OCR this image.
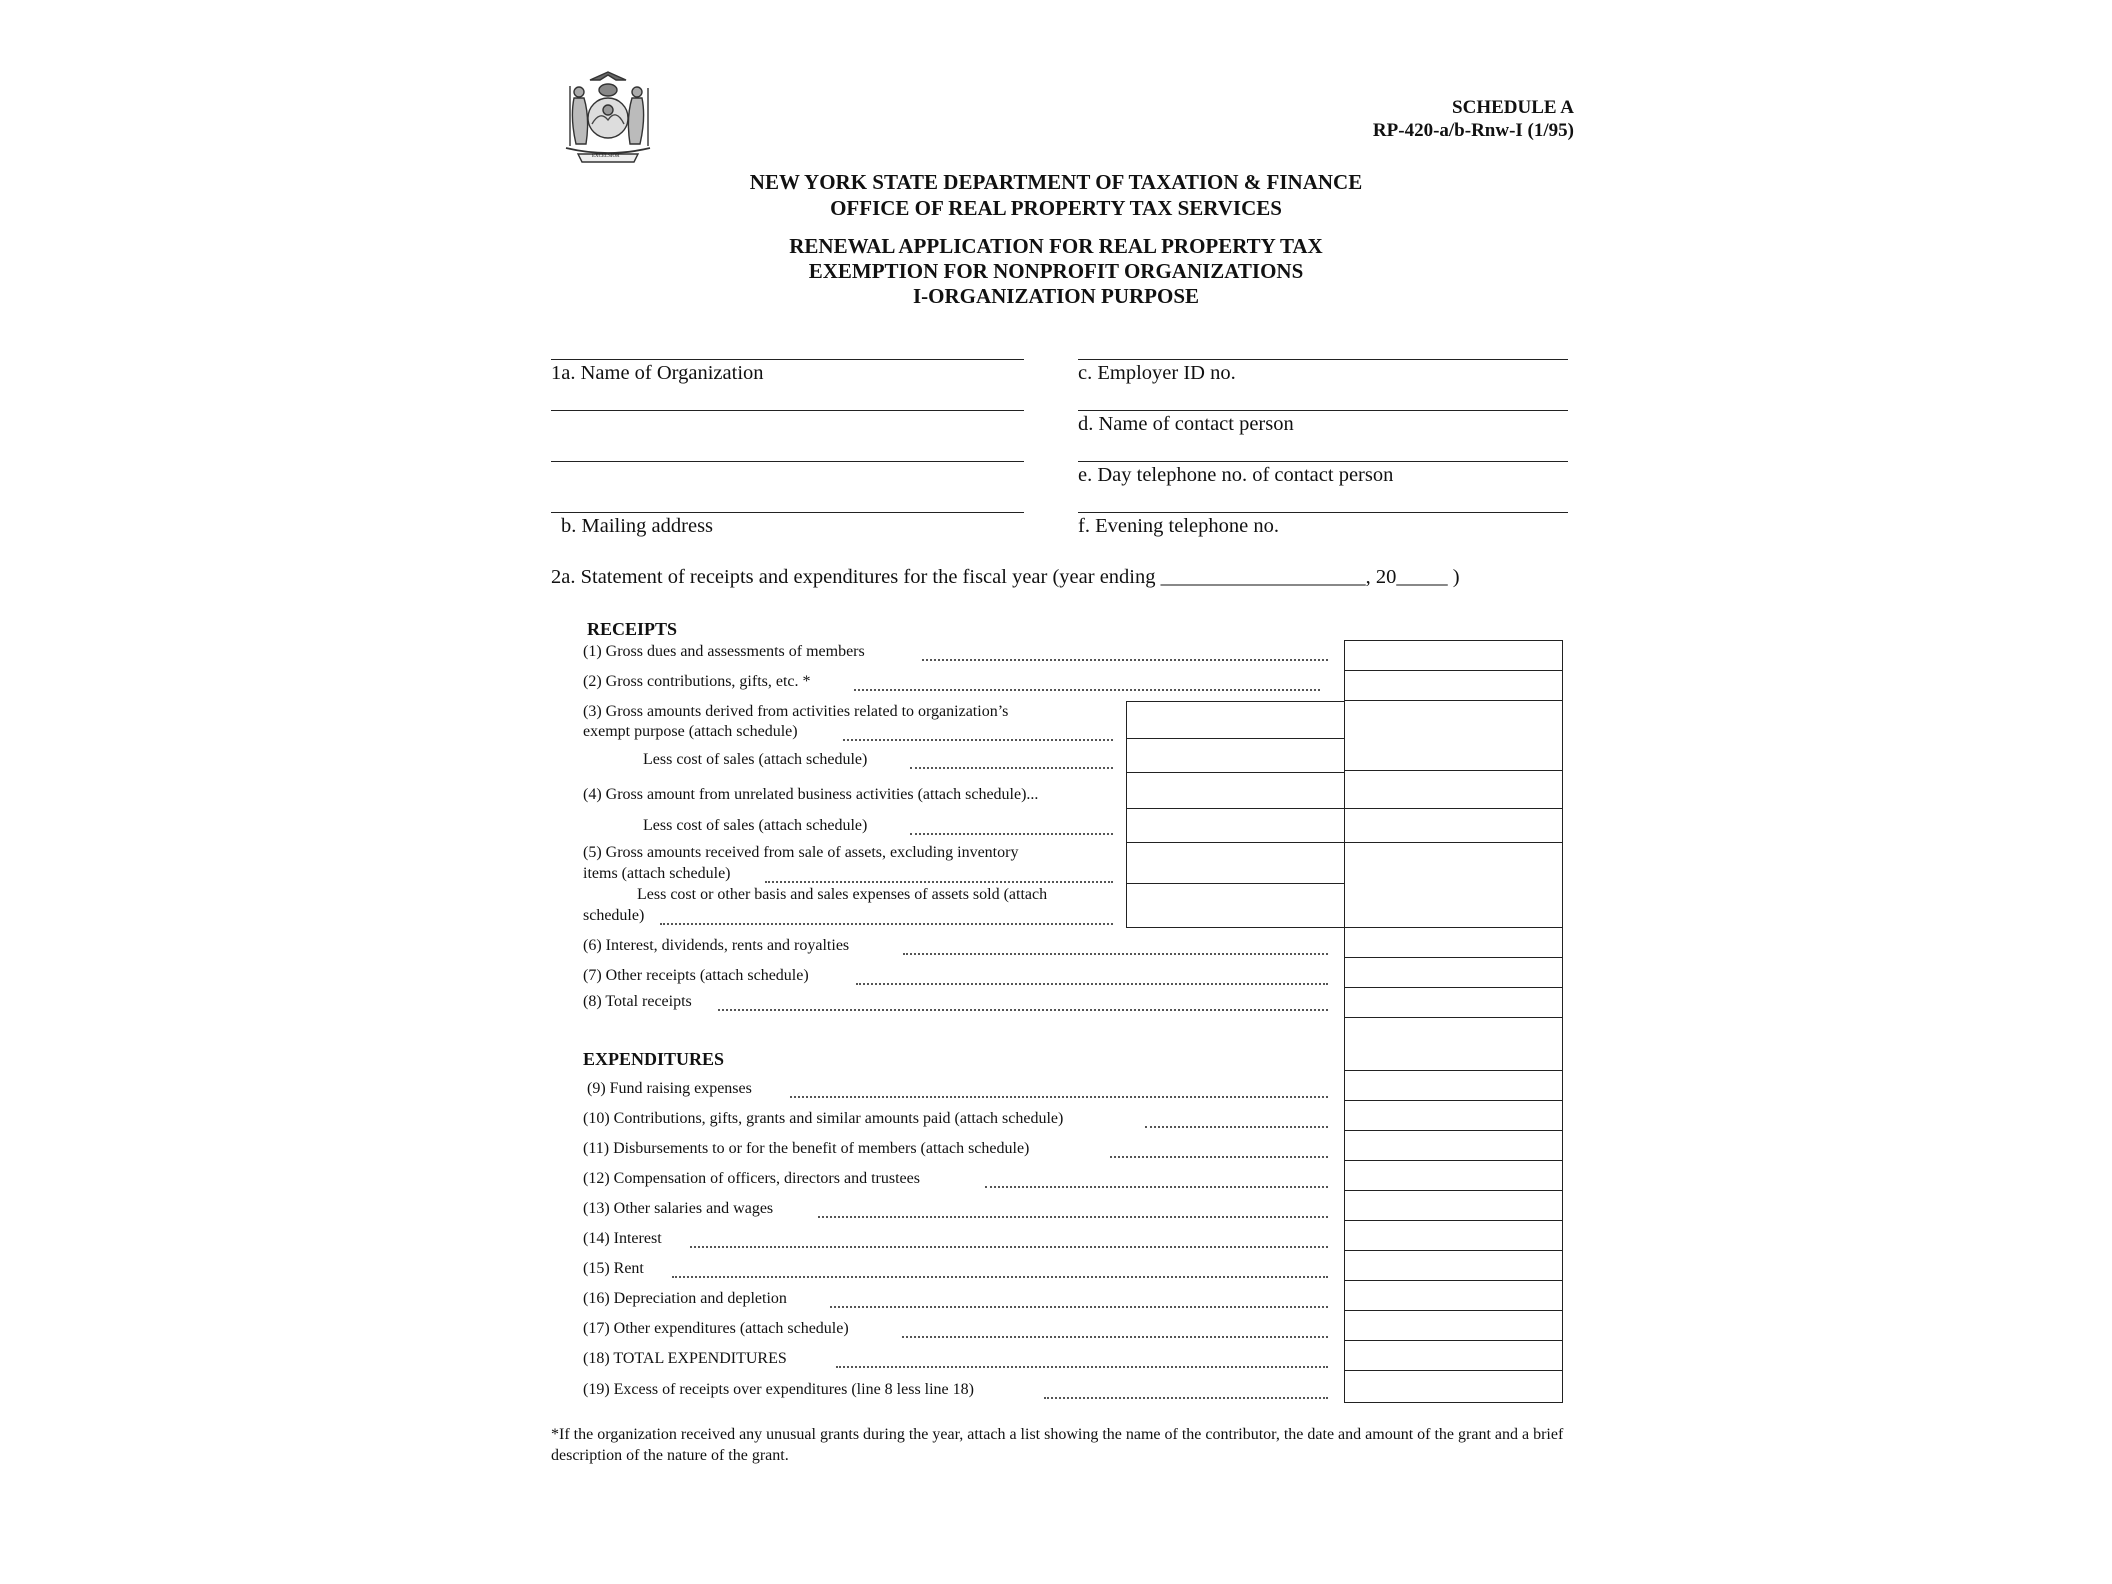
EXCELSIOR
SCHEDULE A
RP-420-a/b-Rnw-I (1/95)
NEW YORK STATE DEPARTMENT OF TAXATION & FINANCE
OFFICE OF REAL PROPERTY TAX SERVICES
RENEWAL APPLICATION FOR REAL PROPERTY TAX
EXEMPTION FOR NONPROFIT ORGANIZATIONS
I-ORGANIZATION PURPOSE
1a. Name of Organization
b. Mailing address
c. Employer ID no.
d. Name of contact person
e. Day telephone no. of contact person
f. Evening telephone no.
2a. Statement of receipts and expenditures for the fiscal year (year ending ____________________, 20_____ )
RECEIPTS
(1) Gross dues and assessments of members
(2) Gross contributions, gifts, etc. *
(3) Gross amounts derived from activities related to organization’s
exempt purpose (attach schedule)
Less cost of sales (attach schedule)
(4) Gross amount from unrelated business activities (attach schedule)...
Less cost of sales (attach schedule)
(5) Gross amounts received from sale of assets, excluding inventory
items (attach schedule)
Less cost or other basis and sales expenses of assets sold (attach
schedule)
(6) Interest, dividends, rents and royalties
(7) Other receipts (attach schedule)
(8) Total receipts
EXPENDITURES
(9) Fund raising expenses
(10) Contributions, gifts, grants and similar amounts paid (attach schedule)
(11) Disbursements to or for the benefit of members (attach schedule)
(12) Compensation of officers, directors and trustees
(13) Other salaries and wages
(14) Interest
(15) Rent
(16) Depreciation and depletion
(17) Other expenditures (attach schedule)
(18) TOTAL EXPENDITURES
(19) Excess of receipts over expenditures (line 8 less line 18)
*If the organization received any unusual grants during the year, attach a list showing the name of the contributor, the date and amount of the grant and a brief description of the nature of the grant.
